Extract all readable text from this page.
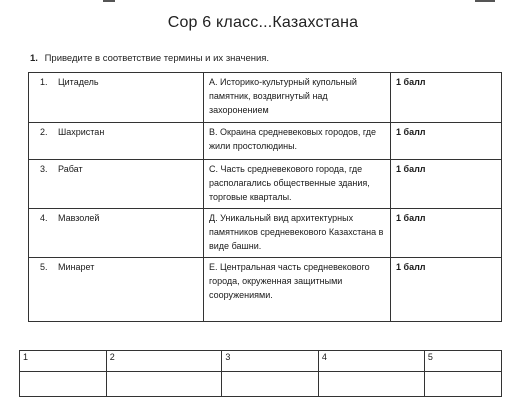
Сор 6 класс...Казахстана
1. Приведите в соответствие термины и их значения.
1. Цитадель	А. Историко-культурный купольный памятник, воздвигнутый над захоронением	1 балл
2. Шахристан	В. Окраина средневековых городов, где жили простолюдины.	1 балл
3. Рабат	С. Часть средневекового города, где располагались общественные здания, торговые кварталы.	1 балл
4. Мавзолей	Д. Уникальный вид архитектурных памятников средневекового Казахстана в виде башни.	1 балл
5. Минарет	Е. Центральная часть средневекового города, окруженная защитными сооружениями.	1 балл
1	2	3	4	5
